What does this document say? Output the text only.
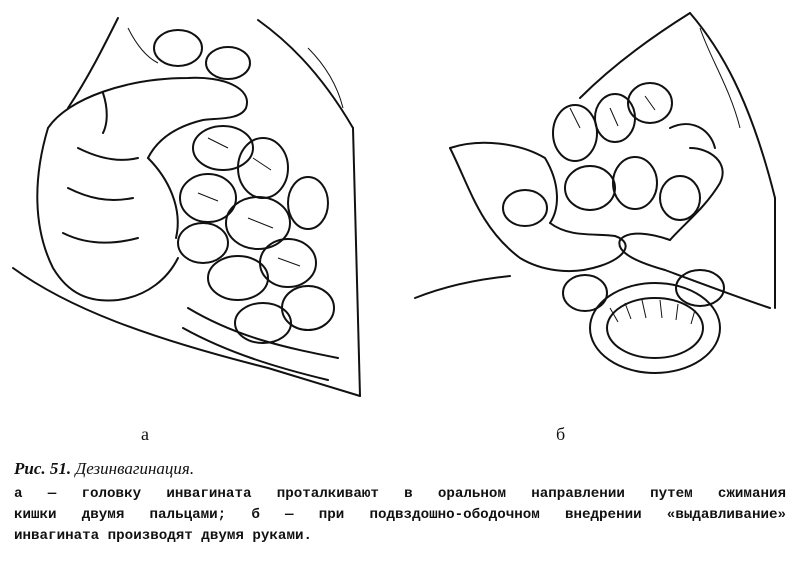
а	б
Рис. 51. Дезинвагинация.
а — головку инвагината проталкивают в оральном направлении путем сжимания
кишки двумя пальцами; б — при подвздошно-ободочном внедрении «выдавливание»
инвагината производят двумя руками.
